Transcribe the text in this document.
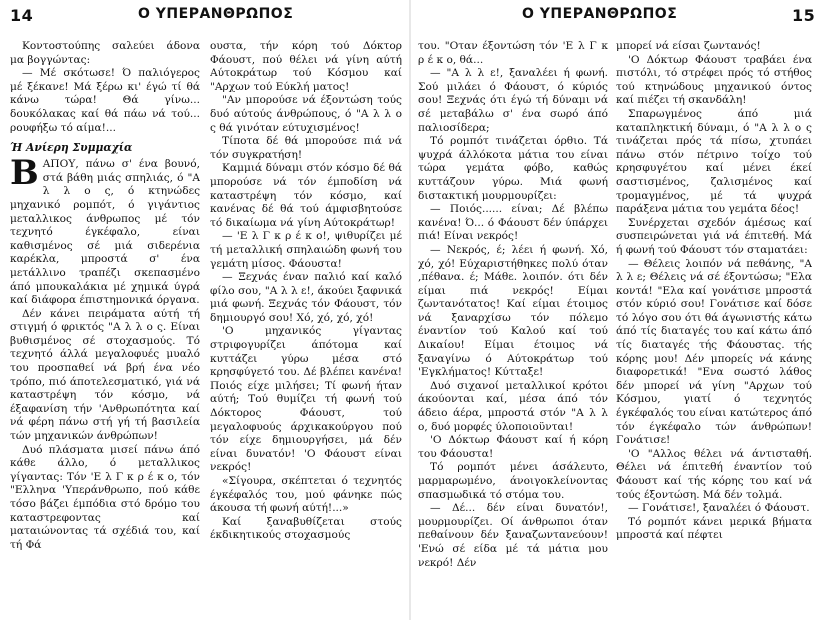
14	Ο ΥΠΕΡΑΝΘΡΩΠΟΣ

Κοντοστούπης σαλεύει άδονα μα βογγώντας:

— Μέ σκότωσε! Ό παλιόγερος μέ ξέκανε! Μά ξέρω κι' έγώ τί θά κάνω τώρα! Θά γίνω... δουκόλακας καί θά πάω νά τού... ρουφήξω τό αίμα!...

Ή Ανίερη Συμμαχία

Β ΑΠΟΥ, πάνω σ' ένα βουνό, στά βάθη μιάς σπηλιάς, ό "Α λ λ ο ς, ό κτηνώδες μηχανικό ρομπότ, ό γιγάντιος μεταλλικος άνθρωπος μέ τόν τεχνητό έγκέφαλο, είναι καθισμένος σέ μιά σιδερένια καρέκλα, μπροστά σ' ένα μετάλλινο τραπέζι σκεπασμένο άπό μπουκαλάκια μέ χημικά ύγρά καί διάφορα έπιστημονικά όργανα.

Δέν κάνει πειράματα αύτή τή στιγμή ό φρικτός "Α λ λ ο ς. Είναι βυθισμένος σέ στοχασμούς. Τό τεχνητό άλλά μεγαλοφυές μυαλό του προσπαθεί νά βρή ένα νέο τρόπο, πιό άποτελεσματικό, γιά νά καταστρέψη τόν κόσμο, νά έξαφανίση τήν 'Ανθρωπότητα καί νά φέρη πάνω στή γή τή βασιλεία τών μηχανικών άνθρώπων!

Δυό πλάσματα μισεί πάνω άπό κάθε άλλο, ό μεταλλικος γίγαντας: Τόν 'Ε λ Γ κ ρ έ κ ο, τόν "Ελληνα 'Υπεράνθρωπο, πού κάθε τόσο βάζει έμπόδια στό δρόμο του καταστρεφοντας καί ματαιώνοντας τά σχέδιά του, καί τή Φά

ουστα, τήν κόρη τού Δόκτορ Φάουστ, πού θέλει νά γίνη αύτή Αύτοκράτωρ τού Κόσμου καί "Αρχων τού Εύκλή ματος!

"Αν μπορούσε νά έξοντώση τούς δυό αύτούς άνθρώπους, ό "Α λ λ ο ς θά γινόταν εύτυχισμένος!

Τίποτα δέ θά μπορούσε πιά νά τόν συγκρατήση!

Καμμιά δύναμι στόν κόσμο δέ θά μπορούσε νά τόν έμποδίση νά καταστρέψη τόν κόσμο, καί κανένας δέ θά τού άμφισβητούσε τό δικαίωμα νά γίνη Αύτοκράτωρ!

— 'Ε λ Γ κ ρ έ κ ο!, ψιθυρίζει μέ τή μεταλλική σπηλαιώδη φωνή του γεμάτη μίσος. Φάουστα!

— Ξεχνάς έναν παλιό καί καλό φίλο σου, "Α λ λ ε!, άκούει ξαφνικά μιά φωνή. Ξεχνάς τόν Φάουστ, τόν δημιουργό σου! Χό, χό, χό, χό!

'Ο μηχανικός γίγαντας στριφογυρίζει άπότομα καί κυττάζει γύρω μέσα στό κρησφύγετό του. Δέ βλέπει κανένα! Ποιός είχε μιλήσει; Τί φωνή ήταν αύτή; Τού θυμίζει τή φωνή τού Δόκτορος Φάουστ, τού μεγαλοφυούς άρχικακούργου πού τόν είχε δημιουργήσει, μά δέν είναι δυνατόν! 'Ο Φάουστ είναι νεκρός!

«Σίγουρα, σκέπτεται ό τεχνητός έγκέφαλός του, μού φάνηκε πώς άκουσα τή φωνή αύτή!...»

Καί ξαναβυθίζεται στούς έκδικητικούς στοχασμούς

Ο ΥΠΕΡΑΝΘΡΩΠΟΣ	15

του. "Οταν έξοντώση τόν 'Ε λ Γ κ ρ έ κ ο, θά...

— "Α λ λ ε!, ξαναλέει ή φωνή. Σού μιλάει ό Φάουστ, ό κύριός σου! Ξεχνάς ότι έγώ τή δύναμι νά σέ μεταβάλω σ' ένα σωρό άπό παλιοσίδερα;

Τό ρομπότ τινάζεται όρθιο. Τά ψυχρά άλλόκοτα μάτια του είναι τώρα γεμάτα φόβο, καθώς κυττάζουν γύρω. Μιά φωνή διστακτική μουρμουρίζει:

— Ποιός...... είναι; Δέ βλέπω κανένα! Ό... ό Φάουστ δέν ύπάρχει πιά! Είναι νεκρός!

— Νεκρός, έ; λέει ή φωνή. Χό, χό, χό! Εύχαριστήθηκες πολύ όταν ,πέθανα. έ; Μάθε. λοιπόν. ότι δέν είμαι πιά νεκρός! Είμαι ζωντανότατος! Καί είμαι έτοιμος νά ξαναρχίσω τόν πόλεμο έναντίον τού Καλού καί τού Δικαίου! Είμαι έτοιμος νά ξαναγίνω ό Αύτοκράτωρ τού 'Εγκλήματος! Κύτταξε!

Δυό σιχανοί μεταλλικοί κρότοι άκούονται καί, μέσα άπό τόν άδειο άέρα, μπροστά στόν "Α λ λ ο, δυό μορφές ύλοποιοϋνται!

'Ο Δόκτωρ Φάουστ καί ή κόρη του Φάουστα!

Τό ρομπότ μένει άσάλευτο, μαρμαρωμένο, άνοιγοκλείνοντας σπασμωδικά τό στόμα του.

— Δέ... δέν είναι δυνατόν!, μουρμουρίζει. Οί άνθρωποι όταν πεθαίνουν δέν ξαναζωντανεύουν! 'Ενώ σέ είδα μέ τά μάτια μου νεκρό! Δέν

μπορεί νά είσαι ζωντανός!

'Ο Δόκτωρ Φάουστ τραβάει ένα πιστόλι, τό στρέφει πρός τό στήθος τού κτηνώδους μηχανικού όντος καί πιέζει τή σκανδάλη!

Σπαρωγμένος άπό μιά καταπληκτική δύναμι, ό "Α λ λ ο ς τινάζεται πρός τά πίσω, χτυπάει πάνω στόν πέτρινο τοίχο τού κρησφυγέτου καί μένει έκεί σαστισμένος, ζαλισμένος καί τρομαγμένος, μέ τά ψυχρά παράξενα μάτια του γεμάτα δέος!

Συνέρχεται σχεδόν άμέσως καί συσπειρώνεται γιά νά έπιτεθή. Μά ή φωνή τού Φάουστ τόν σταματάει:

— Θέλεις λοιπόν νά πεθάνης, "Α λ λ ε; Θέλεις νά σέ έξοντώσω; "Ελα κοντά! "Ελα καί γονάτισε μπροστά στόν κύριό σου! Γονάτισε καί δόσε τό λόγο σου ότι θά άγωνιστής κάτω άπό τίς διαταγές του καί κάτω άπό τίς διαταγές τής Φάουστας. τής κόρης μου! Δέν μπορείς νά κάνης διαφορετικά! "Ενα σωστό λάθος δέν μπορεί νά γίνη "Αρχων τού Κόσμου, γιατί ό τεχνητός έγκέφαλός του είναι κατώτερος άπό τόν έγκέφαλο τών άνθρώπων! Γονάτισε!

'Ο "Αλλος θέλει νά άντισταθή. Θέλει νά έπιτεθή έναντίον τού Φάουστ καί τής κόρης του καί νά τούς έξοντώση. Μά δέν τολμά.

— Γονάτισε!, ξαναλέει ό Φάουστ.

Τό ρομπότ κάνει μερικά βήματα μπροστά καί πέφτει
